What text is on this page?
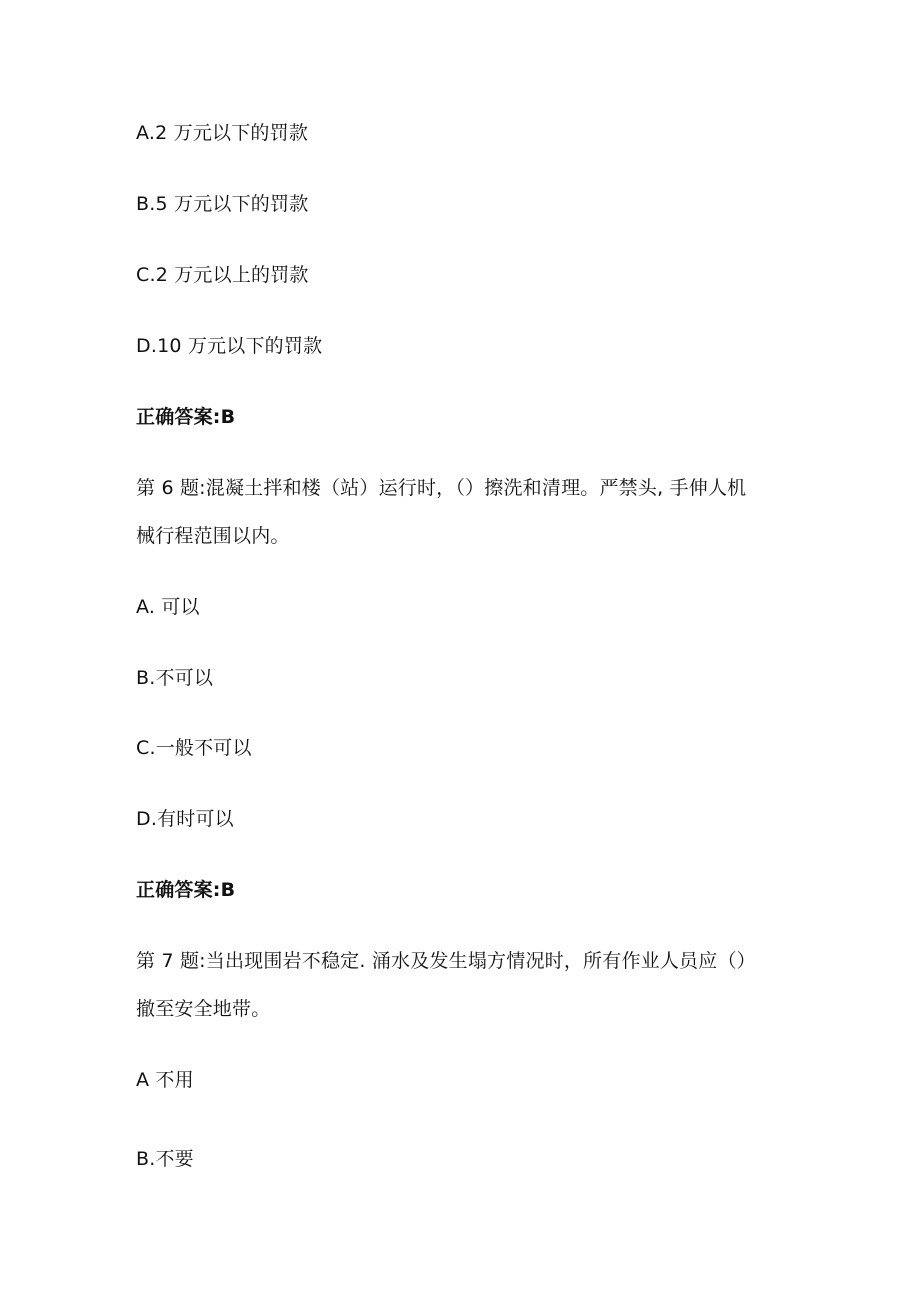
A.2 万元以下的罚款
B.5 万元以下的罚款
C.2 万元以上的罚款
D.10 万元以下的罚款
正确答案:B
第 6 题:混凝土拌和楼（站）运行时，（）擦洗和清理。严禁头, 手伸人机
械行程范围以内。
A. 可以
B.不可以
C.一般不可以
D.有时可以
正确答案:B
第 7 题:当出现围岩不稳定. 涌水及发生塌方情况时，所有作业人员应（）
撤至安全地带。
A 不用
B.不要
